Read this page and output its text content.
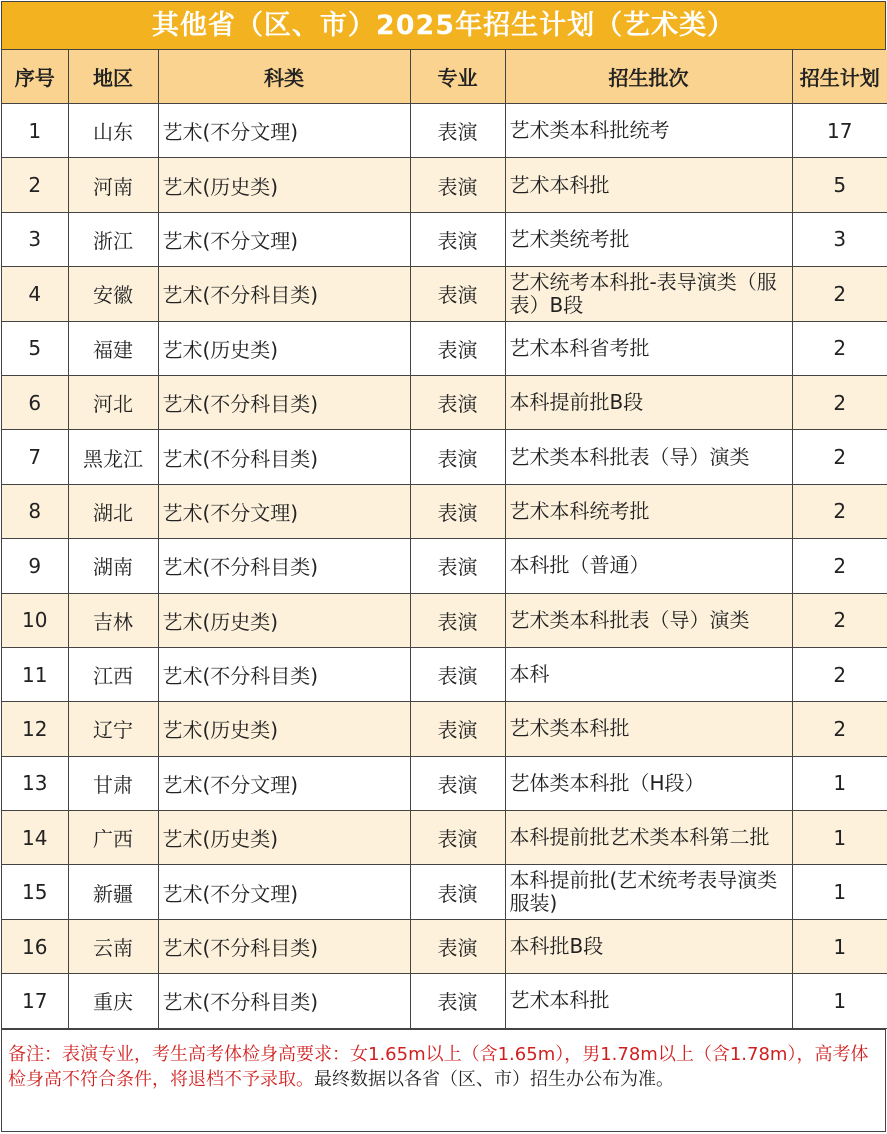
其他省（区、市）2025年招生计划（艺术类）
序号	地区	科类	专业	招生批次	招生计划
1	山东	艺术(不分文理)	表演	艺术类本科批统考	17
2	河南	艺术(历史类)	表演	艺术本科批	5
3	浙江	艺术(不分文理)	表演	艺术类统考批	3
4	安徽	艺术(不分科目类)	表演	艺术统考本科批-表导演类（服表）B段	2
5	福建	艺术(历史类)	表演	艺术本科省考批	2
6	河北	艺术(不分科目类)	表演	本科提前批B段	2
7	黑龙江	艺术(不分科目类)	表演	艺术类本科批表（导）演类	2
8	湖北	艺术(不分文理)	表演	艺术本科统考批	2
9	湖南	艺术(不分科目类)	表演	本科批（普通）	2
10	吉林	艺术(历史类)	表演	艺术类本科批表（导）演类	2
11	江西	艺术(不分科目类)	表演	本科	2
12	辽宁	艺术(历史类)	表演	艺术类本科批	2
13	甘肃	艺术(不分文理)	表演	艺体类本科批（H段）	1
14	广西	艺术(历史类)	表演	本科提前批艺术类本科第二批	1
15	新疆	艺术(不分文理)	表演	本科提前批(艺术统考表导演类服装)	1
16	云南	艺术(不分科目类)	表演	本科批B段	1
17	重庆	艺术(不分科目类)	表演	艺术本科批	1
备注：表演专业，考生高考体检身高要求：女1.65m以上（含1.65m），男1.78m以上（含1.78m），高考体检身高不符合条件，将退档不予录取。最终数据以各省（区、市）招生办公布为准。
